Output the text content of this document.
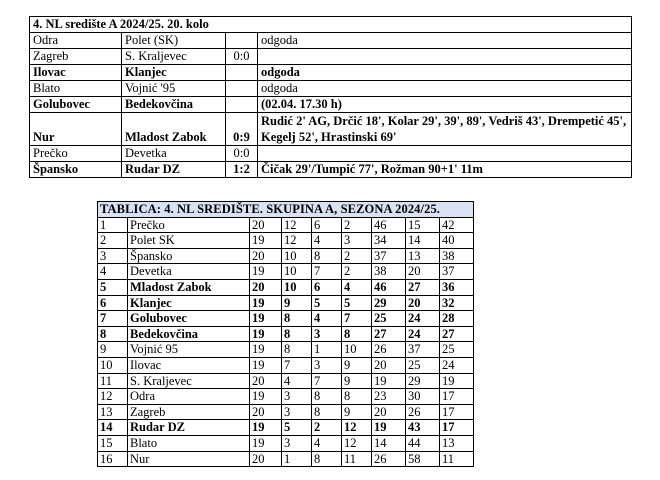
4. NL središte A 2024/25. 20. kolo			
Odra	Polet (SK)		odgoda
Zagreb	S. Kraljevec	0:0	
Ilovac	Klanjec		odgoda
Blato	Vojnić '95		odgoda
Golubovec	Bedekovčina		(02.04. 17.30 h)
Nur	Mladost Zabok	0:9	Rudić 2' AG, Drčić 18', Kolar 29', 39', 89', Vedriš 43', Drempetić 45', Kegelj 52', Hrastinski 69'
Prečko	Devetka	0:0	
Špansko	Rudar DZ	1:2	Čičak 29'/Tumpić 77', Rožman 90+1' 11m
TABLICA: 4. NL SREDIŠTE. SKUPINA A, SEZONA 2024/25.								
1	Prečko	20	12	6	2	46	15	42
2	Polet SK	19	12	4	3	34	14	40
3	Špansko	20	10	8	2	37	13	38
4	Devetka	19	10	7	2	38	20	37
5	Mladost Zabok	20	10	6	4	46	27	36
6	Klanjec	19	9	5	5	29	20	32
7	Golubovec	19	8	4	7	25	24	28
8	Bedekovčina	19	8	3	8	27	24	27
9	Vojnić 95	19	8	1	10	26	37	25
10	Ilovac	19	7	3	9	20	25	24
11	S. Kraljevec	20	4	7	9	19	29	19
12	Odra	19	3	8	8	23	30	17
13	Zagreb	20	3	8	9	20	26	17
14	Rudar DZ	19	5	2	12	19	43	17
15	Blato	19	3	4	12	14	44	13
16	Nur	20	1	8	11	26	58	11
